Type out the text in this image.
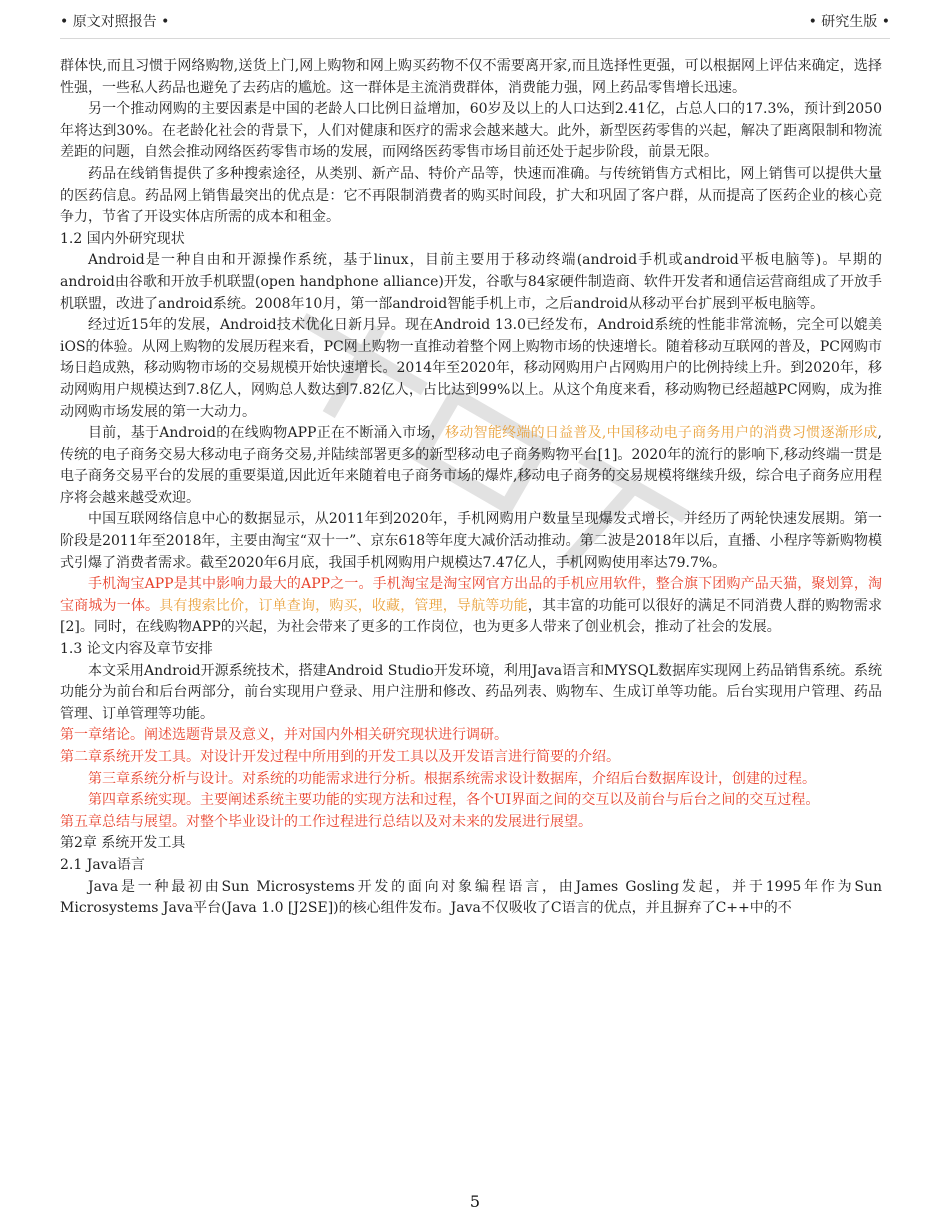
• 原文对照报告 •	• 研究生版 •

群体快,而且习惯于网络购物,送货上门,网上购物和网上购买药物不仅不需要离开家,而且选择性更强，可以根据网上评估来确定，选择性强，一些私人药品也避免了去药店的尴尬。这一群体是主流消费群体，消费能力强，网上药品零售增长迅速。

另一个推动网购的主要因素是中国的老龄人口比例日益增加，60岁及以上的人口达到2.41亿，占总人口的17.3%，预计到2050年将达到30%。在老龄化社会的背景下，人们对健康和医疗的需求会越来越大。此外，新型医药零售的兴起，解决了距离限制和物流差距的问题，自然会推动网络医药零售市场的发展，而网络医药零售市场目前还处于起步阶段，前景无限。

药品在线销售提供了多种搜索途径，从类别、新产品、特价产品等，快速而准确。与传统销售方式相比，网上销售可以提供大量的医药信息。药品网上销售最突出的优点是：它不再限制消费者的购买时间段，扩大和巩固了客户群，从而提高了医药企业的核心竞争力，节省了开设实体店所需的成本和租金。

1.2 国内外研究现状

Android是一种自由和开源操作系统，基于linux，目前主要用于移动终端(android手机或android平板电脑等)。早期的android由谷歌和开放手机联盟(open handphone alliance)开发，谷歌与84家硬件制造商、软件开发者和通信运营商组成了开放手机联盟，改进了android系统。2008年10月，第一部android智能手机上市，之后android从移动平台扩展到平板电脑等。

经过近15年的发展，Android技术优化日新月异。现在Android 13.0已经发布，Android系统的性能非常流畅，完全可以媲美iOS的体验。从网上购物的发展历程来看，PC网上购物一直推动着整个网上购物市场的快速增长。随着移动互联网的普及，PC网购市场日趋成熟，移动购物市场的交易规模开始快速增长。2014年至2020年，移动网购用户占网购用户的比例持续上升。到2020年，移动网购用户规模达到7.8亿人，网购总人数达到7.82亿人，占比达到99%以上。从这个角度来看，移动购物已经超越PC网购，成为推动网购市场发展的第一大动力。

目前，基于Android的在线购物APP正在不断涌入市场，移动智能终端的日益普及,中国移动电子商务用户的消费习惯逐渐形成,传统的电子商务交易大移动电子商务交易,并陆续部署更多的新型移动电子商务购物平台[1]。2020年的流行的影响下,移动终端一贯是电子商务交易平台的发展的重要渠道,因此近年来随着电子商务市场的爆炸,移动电子商务的交易规模将继续升级，综合电子商务应用程序将会越来越受欢迎。

中国互联网络信息中心的数据显示，从2011年到2020年，手机网购用户数量呈现爆发式增长，并经历了两轮快速发展期。第一阶段是2011年至2018年，主要由淘宝“双十一”、京东618等年度大减价活动推动。第二波是2018年以后，直播、小程序等新购物模式引爆了消费者需求。截至2020年6月底，我国手机网购用户规模达7.47亿人，手机网购使用率达79.7%。

手机淘宝APP是其中影响力最大的APP之一。手机淘宝是淘宝网官方出品的手机应用软件，整合旗下团购产品天猫，聚划算，淘宝商城为一体。具有搜索比价，订单查询，购买，收藏，管理，导航等功能，其丰富的功能可以很好的满足不同消费人群的购物需求[2]。同时，在线购物APP的兴起，为社会带来了更多的工作岗位，也为更多人带来了创业机会，推动了社会的发展。

1.3 论文内容及章节安排

本文采用Android开源系统技术，搭建Android Studio开发环境，利用Java语言和MYSQL数据库实现网上药品销售系统。系统功能分为前台和后台两部分，前台实现用户登录、用户注册和修改、药品列表、购物车、生成订单等功能。后台实现用户管理、药品管理、订单管理等功能。

第一章绪论。阐述选题背景及意义，并对国内外相关研究现状进行调研。

第二章系统开发工具。对设计开发过程中所用到的开发工具以及开发语言进行简要的介绍。

第三章系统分析与设计。对系统的功能需求进行分析。根据系统需求设计数据库，介绍后台数据库设计，创建的过程。

第四章系统实现。主要阐述系统主要功能的实现方法和过程，各个UI界面之间的交互以及前台与后台之间的交互过程。

第五章总结与展望。对整个毕业设计的工作过程进行总结以及对未来的发展进行展望。

第2章 系统开发工具

2.1 Java语言

Java是一种最初由Sun Microsystems开发的面向对象编程语言，由James Gosling发起，并于1995年作为Sun Microsystems Java平台(Java 1.0 [J2SE])的核心组件发布。Java不仅吸收了C语言的优点，并且摒弃了C++中的不

5
